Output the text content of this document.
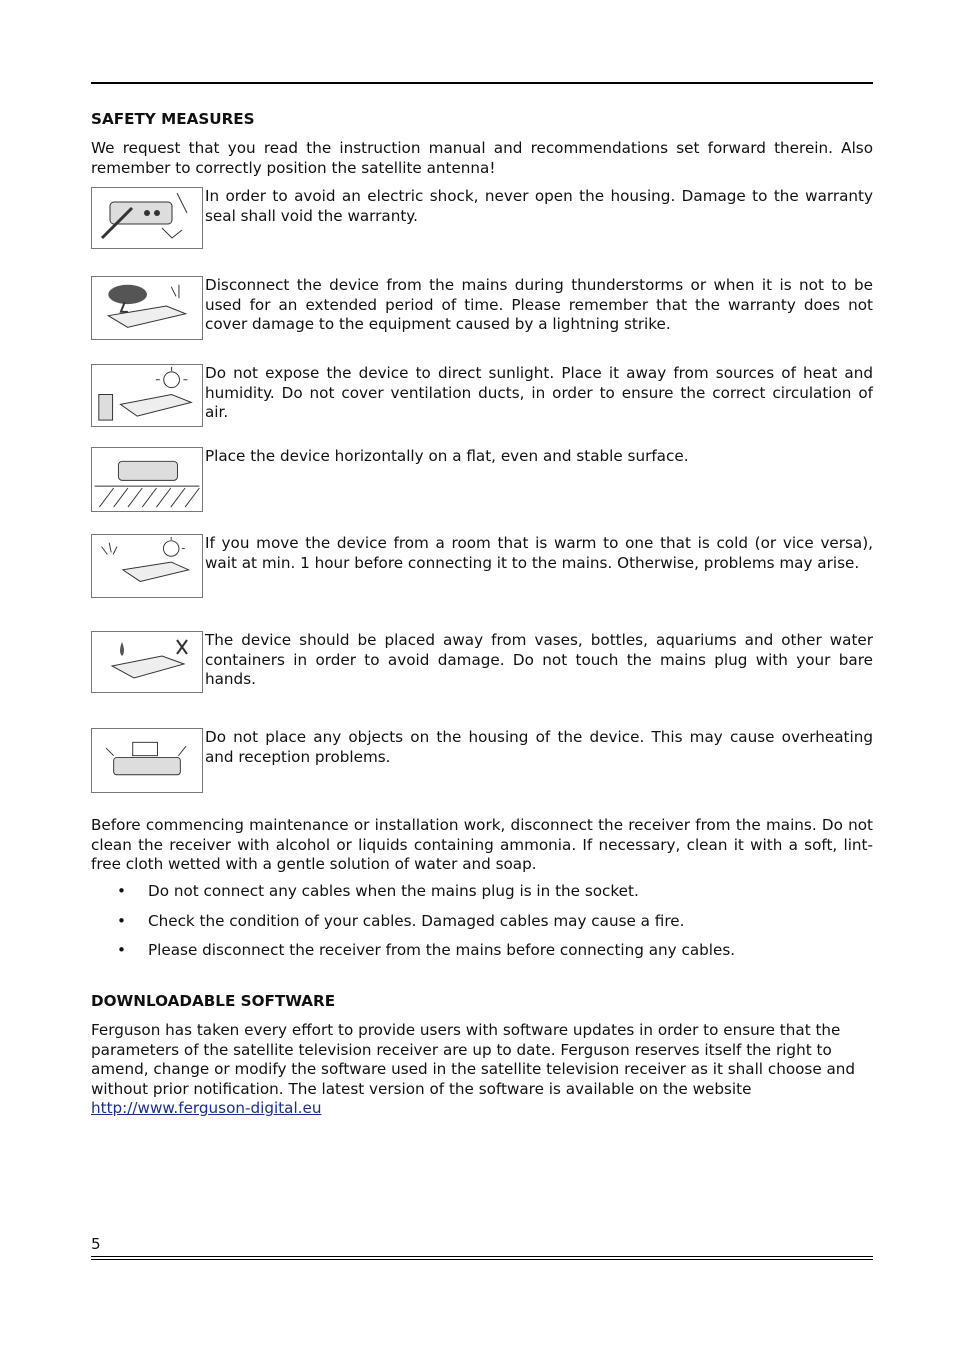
SAFETY MEASURES

We request that you read the instruction manual and recommendations set forward therein. Also remember to correctly position the satellite antenna!

In order to avoid an electric shock, never open the housing. Damage to the warranty seal shall void the warranty.

Disconnect the device from the mains during thunderstorms or when it is not to be used for an extended period of time. Please remember that the warranty does not cover damage to the equipment caused by a lightning strike.

Do not expose the device to direct sunlight. Place it away from sources of heat and humidity. Do not cover ventilation ducts, in order to ensure the correct circulation of air.

Place the device horizontally on a flat, even and stable surface.

If you move the device from a room that is warm to one that is cold (or vice versa), wait at min. 1 hour before connecting it to the mains. Otherwise, problems may arise.

The device should be placed away from vases, bottles, aquariums and other water containers in order to avoid damage. Do not touch the mains plug with your bare hands.

Do not place any objects on the housing of the device. This may cause overheating and reception problems.

Before commencing maintenance or installation work, disconnect the receiver from the mains. Do not clean the receiver with alcohol or liquids containing ammonia. If necessary, clean it with a soft, lint-free cloth wetted with a gentle solution of water and soap.

• Do not connect any cables when the mains plug is in the socket.
• Check the condition of your cables. Damaged cables may cause a fire.
• Please disconnect the receiver from the mains before connecting any cables.
DOWNLOADABLE SOFTWARE

Ferguson has taken every effort to provide users with software updates in order to ensure that the parameters of the satellite television receiver are up to date. Ferguson reserves itself the right to amend, change or modify the software used in the satellite television receiver as it shall choose and without prior notification. The latest version of the software is available on the website http://www.ferguson-digital.eu

5
